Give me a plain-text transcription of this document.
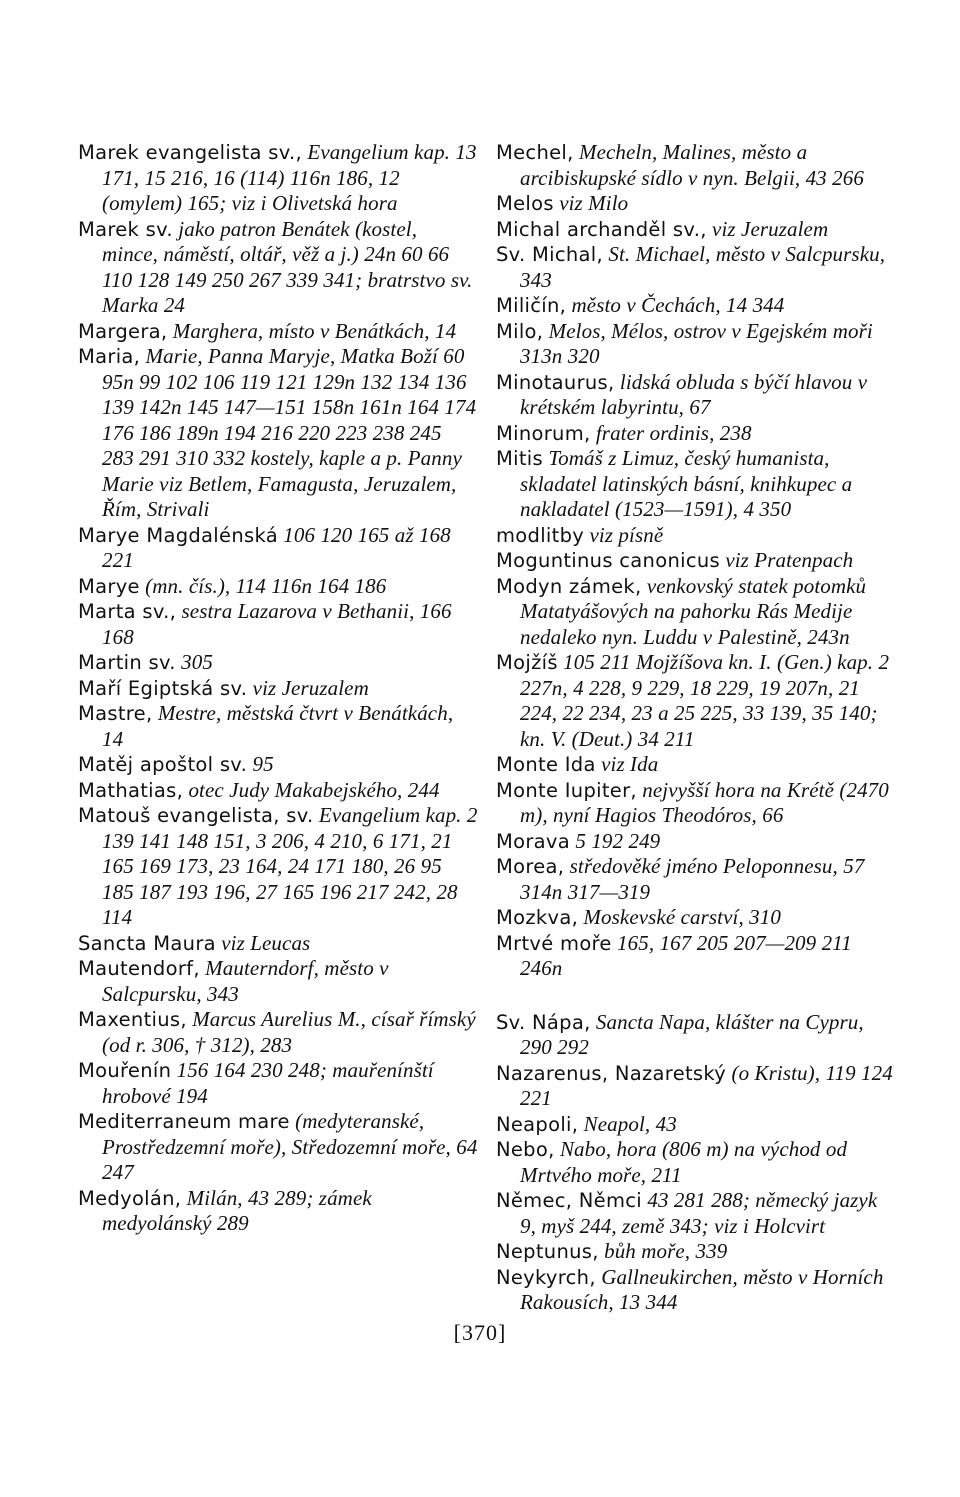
Marek evangelista sv., Evangelium kap. 13 171, 15 216, 16 (114) 116n 186, 12 (omylem) 165; viz i Olivetská hora

Marek sv. jako patron Benátek (kostel, mince, náměstí, oltář, věž a j.) 24n 60 66 110 128 149 250 267 339 341; bratrstvo sv. Marka 24

Margera, Marghera, místo v Benátkách, 14

Maria, Marie, Panna Maryje, Matka Boží 60 95n 99 102 106 119 121 129n 132 134 136 139 142n 145 147—151 158n 161n 164 174 176 186 189n 194 216 220 223 238 245 283 291 310 332 kostely, kaple a p. Panny Marie viz Betlem, Famagusta, Jeruzalem, Řím, Strivali

Marye Magdalénská 106 120 165 až 168 221

Marye (mn. čís.), 114 116n 164 186

Marta sv., sestra Lazarova v Bethanii, 166 168

Martin sv. 305

Maří Egiptská sv. viz Jeruzalem

Mastre, Mestre, městská čtvrt v Benátkách, 14

Matěj apoštol sv. 95

Mathatias, otec Judy Makabejského, 244

Matouš evangelista, sv. Evangelium kap. 2 139 141 148 151, 3 206, 4 210, 6 171, 21 165 169 173, 23 164, 24 171 180, 26 95 185 187 193 196, 27 165 196 217 242, 28 114

Sancta Maura viz Leucas

Mautendorf, Mauterndorf, město v Salcpursku, 343

Maxentius, Marcus Aurelius M., císař římský (od r. 306, † 312), 283

Mouřenín 156 164 230 248; mauřenínští hrobové 194

Mediterraneum mare (medyteranské, Prostředzemní moře), Středozemní moře, 64 247

Medyolán, Milán, 43 289; zámek medyolánský 289

Mechel, Mecheln, Malines, město a arcibiskupské sídlo v nyn. Belgii, 43 266

Melos viz Milo

Michal archanděl sv., viz Jeruzalem

Sv. Michal, St. Michael, město v Salcpursku, 343

Miličín, město v Čechách, 14 344

Milo, Melos, Mélos, ostrov v Egejském moři 313n 320

Minotaurus, lidská obluda s býčí hlavou v krétském labyrintu, 67

Minorum, frater ordinis, 238

Mitis Tomáš z Limuz, český humanista, skladatel latinských básní, knihkupec a nakladatel (1523—1591), 4 350

modlitby viz písně

Moguntinus canonicus viz Pratenpach

Modyn zámek, venkovský statek potomků Matatyášových na pahorku Rás Medije nedaleko nyn. Luddu v Palestině, 243n

Mojžíš 105 211 Mojžíšova kn. I. (Gen.) kap. 2 227n, 4 228, 9 229, 18 229, 19 207n, 21 224, 22 234, 23 a 25 225, 33 139, 35 140; kn. V. (Deut.) 34 211

Monte Ida viz Ida

Monte Iupiter, nejvyšší hora na Krétě (2470 m), nyní Hagios Theodóros, 66

Morava 5 192 249

Morea, středověké jméno Peloponnesu, 57 314n 317—319

Mozkva, Moskevské carství, 310

Mrtvé moře 165, 167 205 207—209 211 246n

Sv. Nápa, Sancta Napa, klášter na Cypru, 290 292

Nazarenus, Nazaretský (o Kristu), 119 124 221

Neapoli, Neapol, 43

Nebo, Nabo, hora (806 m) na východ od Mrtvého moře, 211

Němec, Němci 43 281 288; německý jazyk 9, myš 244, země 343; viz i Holcvirt

Neptunus, bůh moře, 339

Neykyrch, Gallneukirchen, město v Horních Rakousích, 13 344

[370]
